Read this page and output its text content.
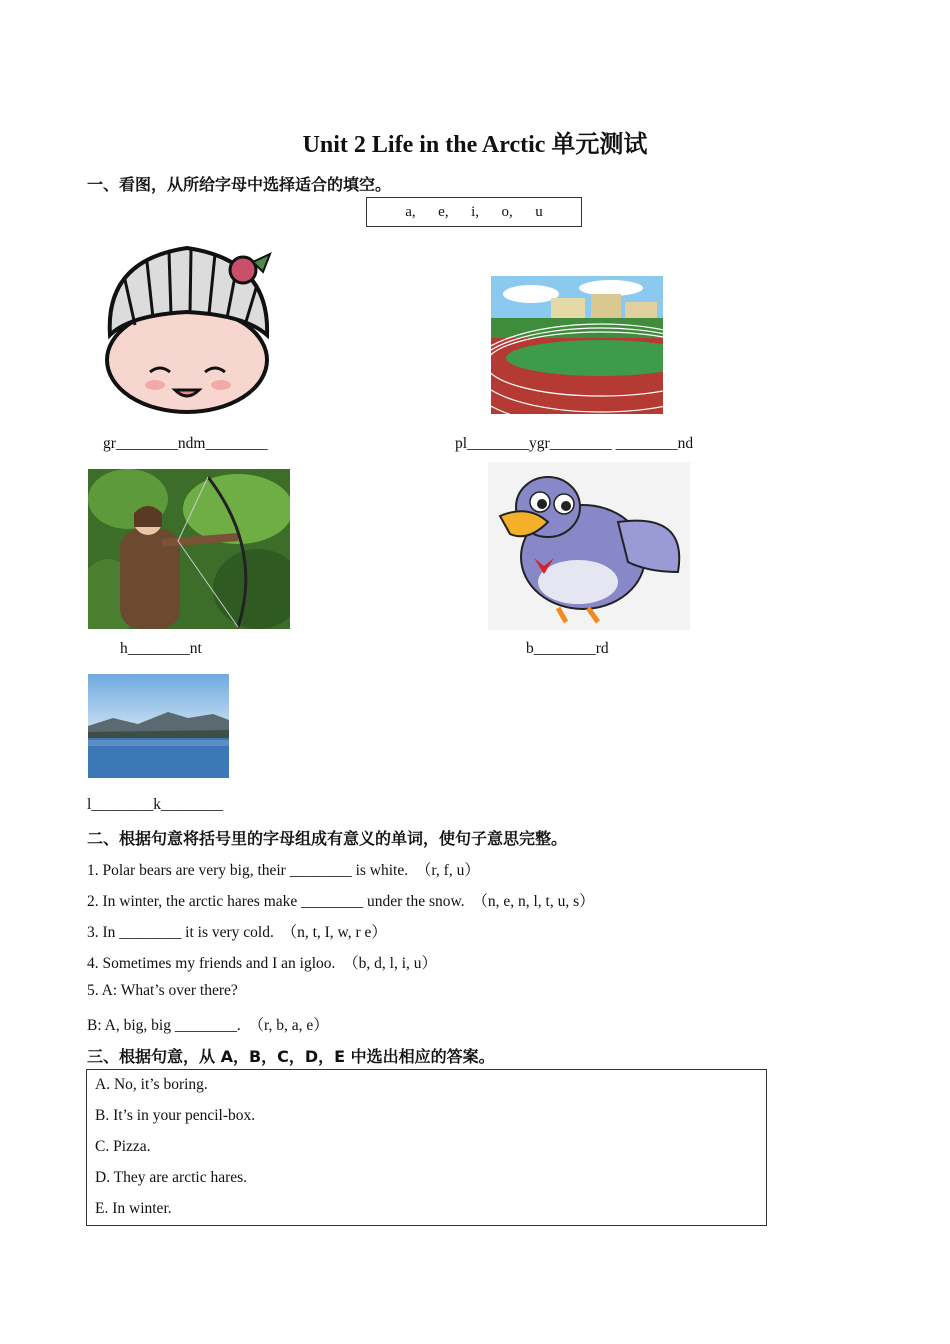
Unit 2 Life in the Arctic 单元测试
一、看图，从所给字母中选择适合的填空。
a,      e,      i,      o,      u
gr________ndm________	pl________ygr________ ________nd
h________nt	b________rd
l________k________
二、根据句意将括号里的字母组成有意义的单词，使句子意思完整。
1. Polar bears are very big, their ________ is white.  （r, f, u）
2. In winter, the arctic hares make ________ under the snow.  （n, e, n, l, t, u, s）
3. In ________ it is very cold.  （n, t, I, w, r e）
4. Sometimes my friends and I an igloo.  （b, d, l, i, u）
5. A: What’s over there?
B: A, big, big ________.  （r, b, a, e）
三、根据句意，从 A，B，C，D，E 中选出相应的答案。
A. No, it’s boring.
B. It’s in your pencil-box.
C. Pizza.
D. They are arctic hares.
E. In winter.
